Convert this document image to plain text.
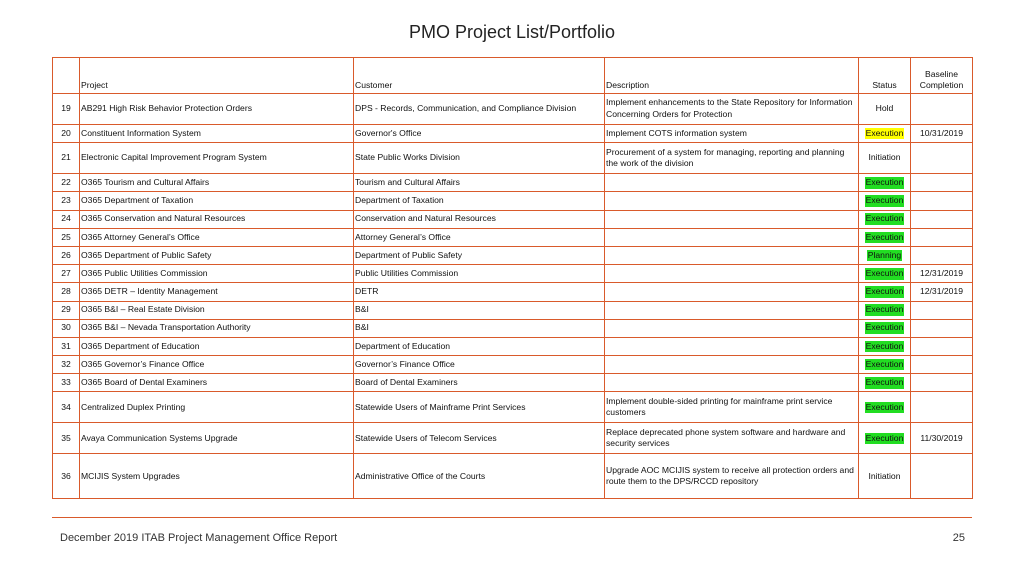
PMO Project List/Portfolio
	Project	Customer	Description	Status	Baseline Completion
19	AB291 High Risk Behavior Protection Orders	DPS - Records, Communication, and Compliance Division	Implement enhancements to the State Repository for Information Concerning Orders for Protection	Hold	
20	Constituent Information System	Governor's Office	Implement COTS information system	Execution	10/31/2019
21	Electronic Capital Improvement Program System	State Public Works Division	Procurement of a system for managing, reporting and planning the work of the division	Initiation	
22	O365 Tourism and Cultural Affairs	Tourism and Cultural Affairs		Execution	
23	O365 Department of Taxation	Department of Taxation		Execution	
24	O365 Conservation and Natural Resources	Conservation and Natural Resources		Execution	
25	O365 Attorney General’s Office	Attorney General’s Office		Execution	
26	O365 Department of Public Safety	Department of Public Safety		Planning	
27	O365 Public Utilities Commission	Public Utilities Commission		Execution	12/31/2019
28	O365 DETR – Identity Management	DETR		Execution	12/31/2019
29	O365 B&I – Real Estate Division	B&I		Execution	
30	O365 B&I – Nevada Transportation Authority	B&I		Execution	
31	O365 Department of Education	Department of Education		Execution	
32	O365 Governor’s Finance Office	Governor’s Finance Office		Execution	
33	O365 Board of Dental Examiners	Board of Dental Examiners		Execution	
34	Centralized Duplex Printing	Statewide Users of Mainframe Print Services	Implement double-sided printing for mainframe print service customers	Execution	
35	Avaya Communication Systems Upgrade	Statewide Users of Telecom Services	Replace deprecated phone system software and hardware and security services	Execution	11/30/2019
36	MCIJIS System Upgrades	Administrative Office of the Courts	Upgrade AOC MCIJIS system to receive all protection orders and route them to the DPS/RCCD repository	Initiation	
December 2019 ITAB Project Management Office Report	25
